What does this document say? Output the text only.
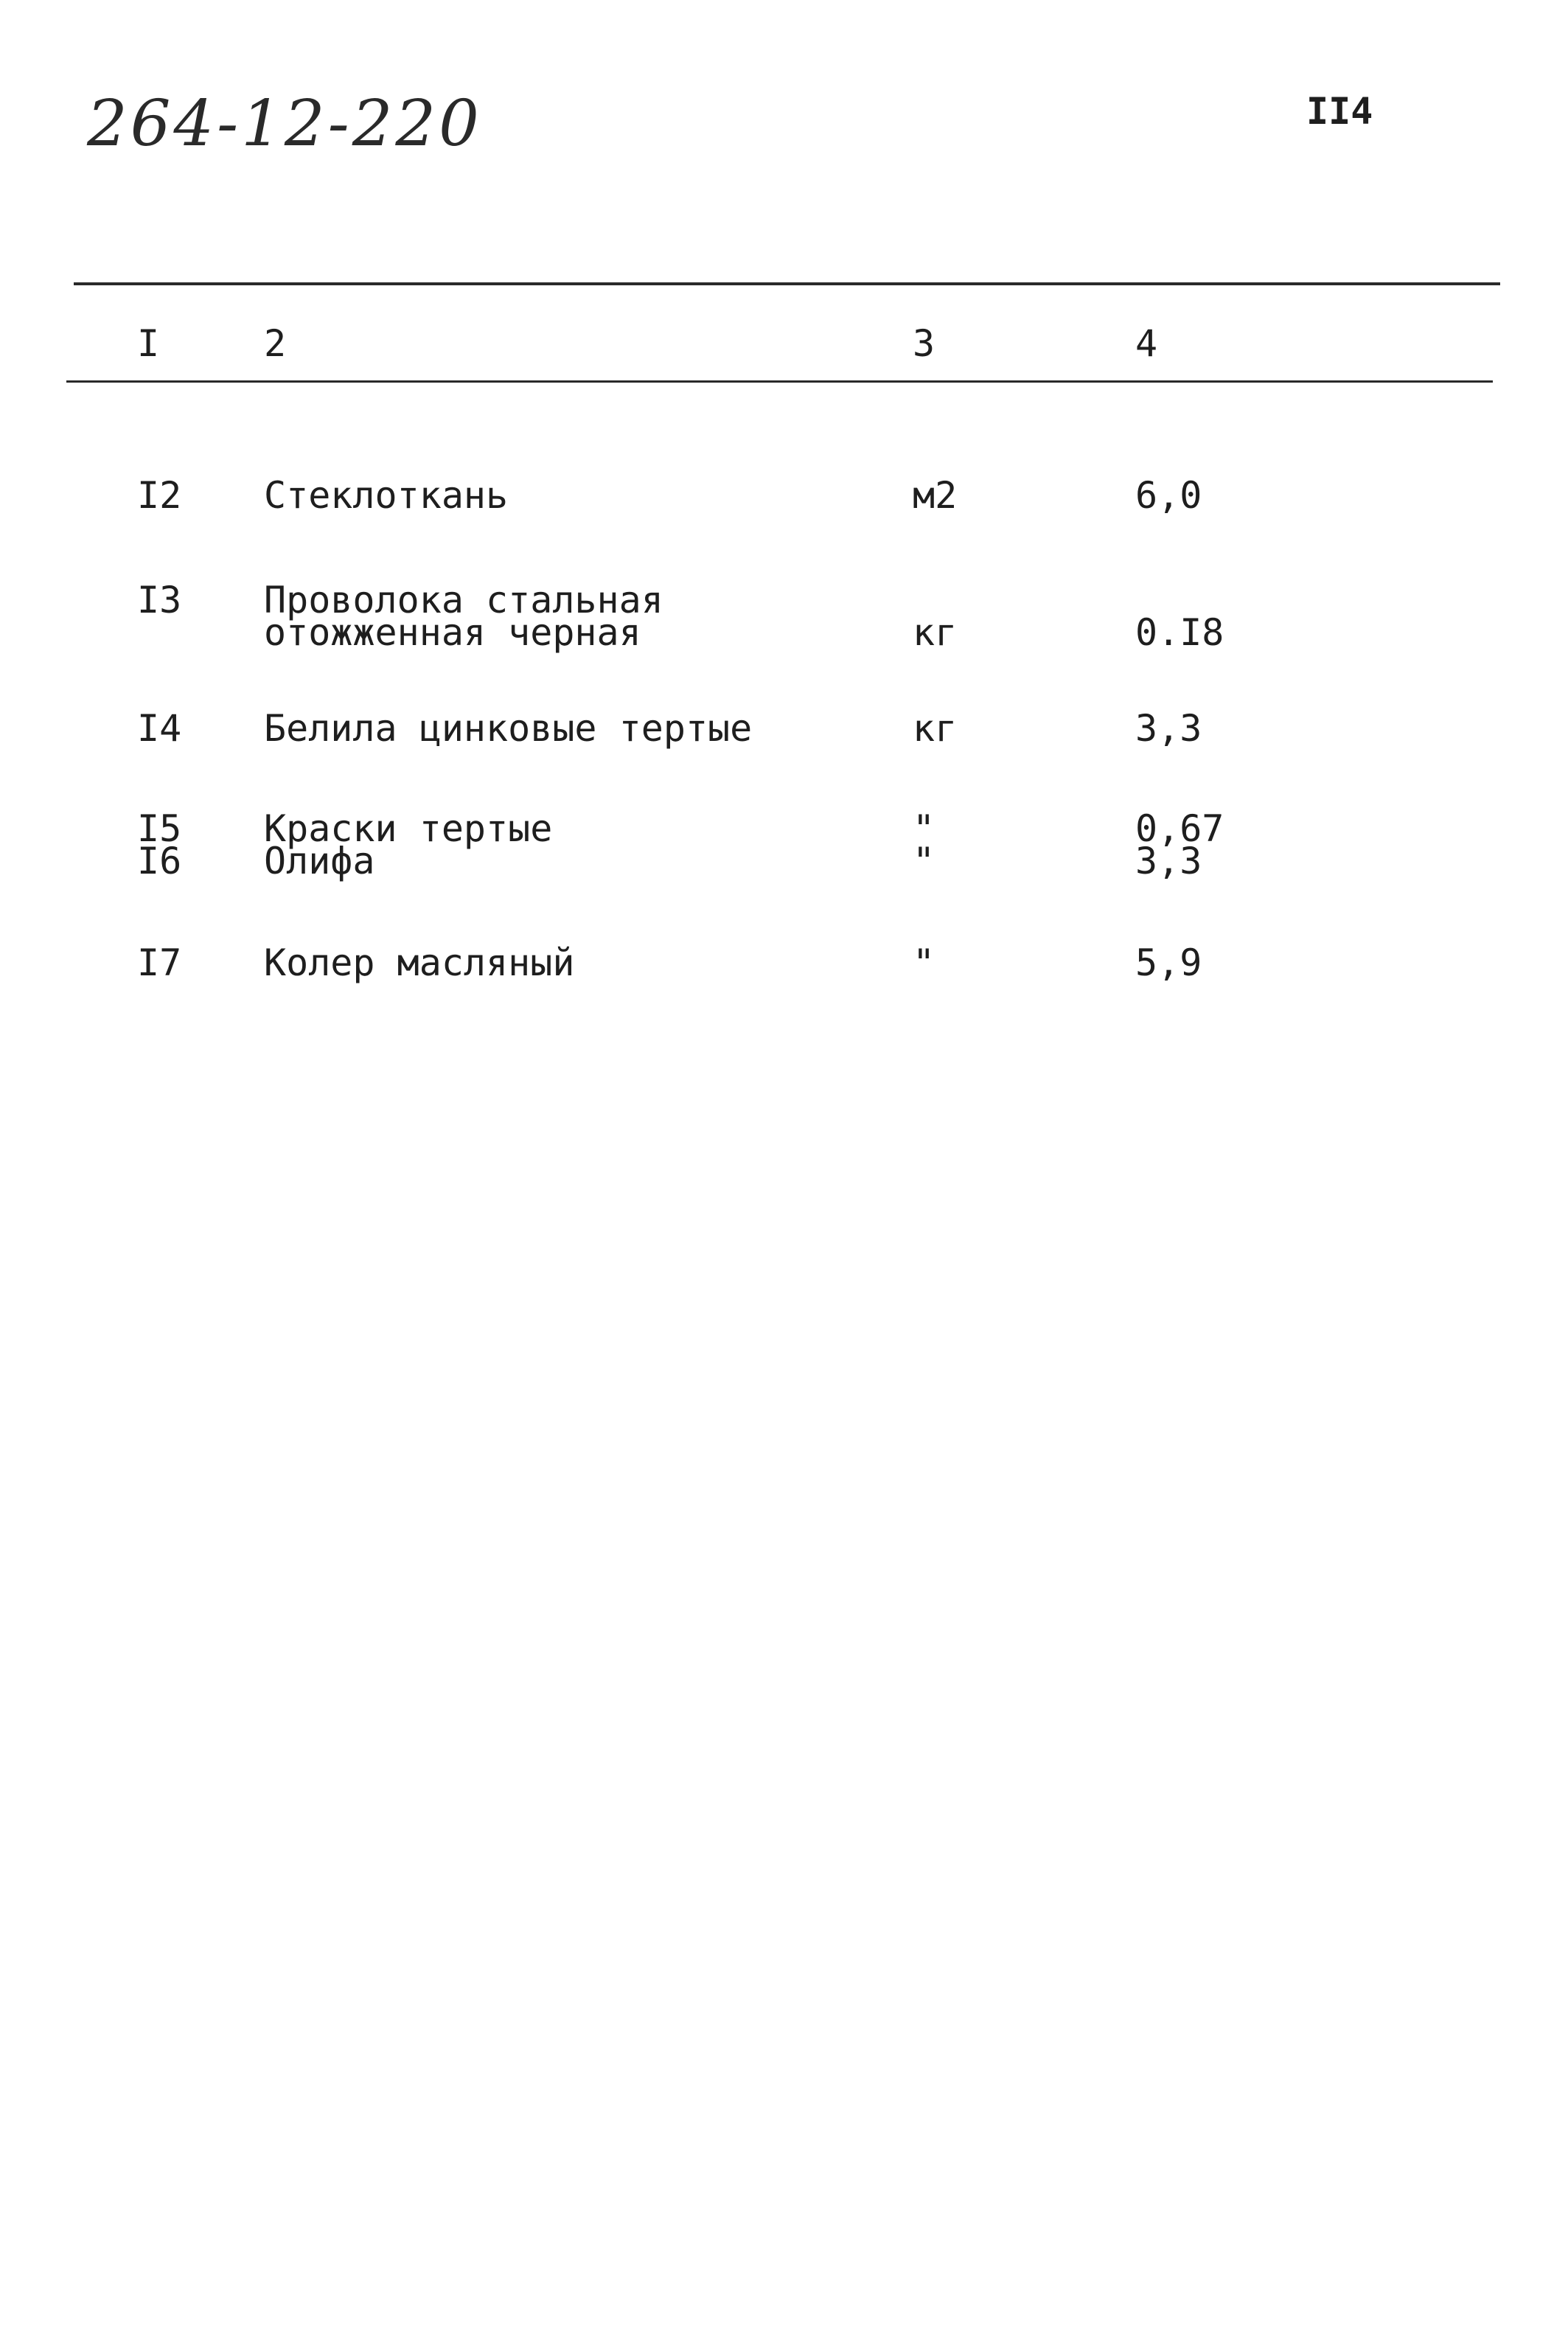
264-12-220	II4
I	2	3	4
I2 Стеклоткань	м2	6,0
I3 Проволока стальная
отожженная черная	кг	0.I8
I4 Белила цинковые тертые	кг	3,3
I5 Краски тертые	"	0,67
I6 Олифа	"	3,3
I7 Колер масляный	"	5,9
